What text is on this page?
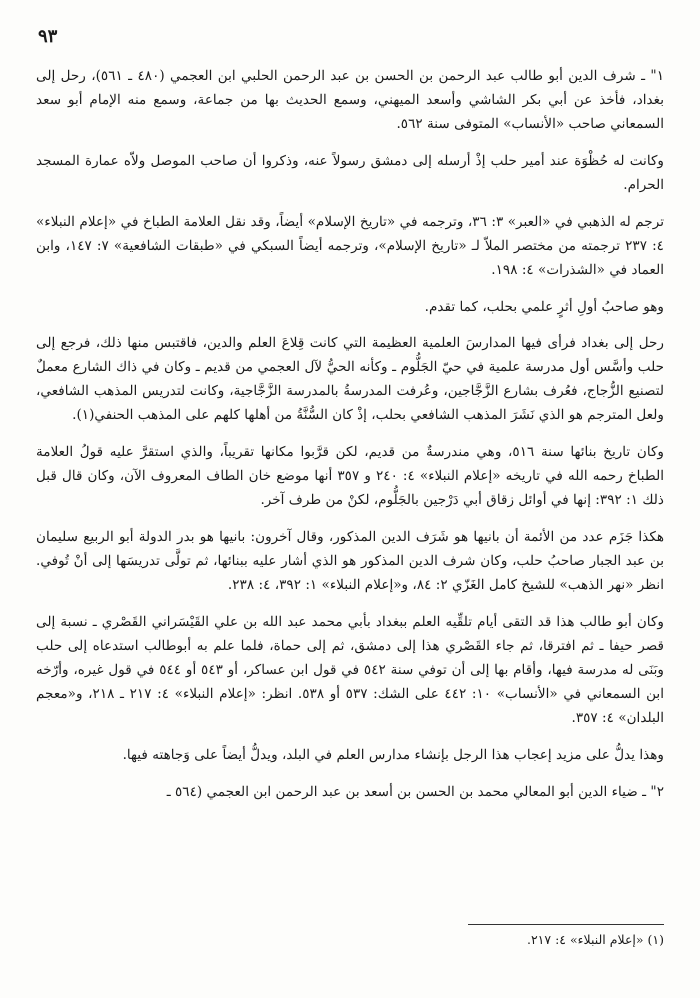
٩٣

١" ـ شرف الدين أبو طالب عبد الرحمن بن الحسن بن عبد الرحمن الحلبي ابن العجمي (٤٨٠ ـ ٥٦١)، رحل إلى بغداد، فأخذ عن أبي بكر الشاشي وأسعد الميهني، وسمع الحديث بها من جماعة، وسمع منه الإمام أبو سعد السمعاني صاحب «الأنساب» المتوفى سنة ٥٦٢.

وكانت له حُظْوَة عند أمير حلب إذْ أرسله إلى دمشق رسولاً عنه، وذكروا أن صاحب الموصل ولاّه عمارة المسجد الحرام.

ترجم له الذهبي في «العبر» ٣: ٣٦، وترجمه في «تاريخ الإسلام» أيضاً، وقد نقل العلامة الطباخ في «إعلام النبلاء» ٤: ٢٣٧ ترجمته من مختصر الملاّ لـ «تاريخ الإسلام»، وترجمه أيضاً السبكي في «طبقات الشافعية» ٧: ١٤٧، وابن العماد في «الشذرات» ٤: ١٩٨.

وهو صاحبُ أولِ أثرٍ علمي بحلب، كما تقدم.

رحل إلى بغداد فرأى فيها المدارسَ العلمية العظيمة التي كانت قِلاعَ العلم والدين، فاقتبس منها ذلك، فرجع إلى حلب وأسَّس أول مدرسة علمية في حيّ الجَلُّوم ـ وكأنه الحيُّ لآل العجمي من قديم ـ وكان في ذاك الشارع معملٌ لتصنيع الزُّجاج، فعُرف بشارع الزَّجَّاجين، وعُرفت المدرسةُ بالمدرسة الزَّجَّاجية، وكانت لتدريس المذهب الشافعي، ولعل المترجم هو الذي نَشَرَ المذهب الشافعي بحلب، إذْ كان السُّنَّةُ من أهلها كلهم على المذهب الحنفي(١).

وكان تاريخ بنائها سنة ٥١٦، وهي مندرسةٌ من قديم، لكن قرَّبوا مكانها تقريباً، والذي استقرَّ عليه قولُ العلامة الطباخ رحمه الله في تاريخه «إعلام النبلاء» ٤: ٢٤٠ و ٣٥٧ أنها موضع خان الطاف المعروف الآن، وكان قال قبل ذلك ١: ٣٩٢: إنها في أوائل زقاق أبي دَرْجين بالجَلُّوم، لكنْ من طرف آخر.

هكذا جَزَم عدد من الأئمة أن بانيها هو شَرَف الدين المذكور، وقال آخرون: بانيها هو بدر الدولة أبو الربيع سليمان بن عبد الجبار صاحبُ حلب، وكان شرف الدين المذكور هو الذي أشار عليه ببنائها، ثم تولَّى تدريسَها إلى أنْ تُوفي. انظر «نهر الذهب» للشيخ كامل الغَزّي ٢: ٨٤، و«إعلام النبلاء» ١: ٣٩٢، ٤: ٢٣٨.

وكان أبو طالب هذا قد التقى أيام تلقِّيه العلم ببغداد بأبي محمد عبد الله بن علي القَيْسَراني القَصْري ـ نسبة إلى قصر حيفا ـ ثم افترقا، ثم جاء القَصْري هذا إلى دمشق، ثم إلى حماة، فلما علم به أبوطالب استدعاه إلى حلب وبَنَى له مدرسة فيها، وأقام بها إلى أن توفي سنة ٥٤٢ في قول ابن عساكر، أو ٥٤٣ أو ٥٤٤ في قول غيره، وأرّخه ابن السمعاني في «الأنساب» ١٠: ٤٤٢ على الشك: ٥٣٧ أو ٥٣٨. انظر: «إعلام النبلاء» ٤: ٢١٧ ـ ٢١٨، و«معجم البلدان» ٤: ٣٥٧.

وهذا يدلُّ على مزيد إعجاب هذا الرجل بإنشاء مدارس العلم في البلد، ويدلُّ أيضاً على وَجاهته فيها.

٢" ـ ضياء الدين أبو المعالي محمد بن الحسن بن أسعد بن عبد الرحمن ابن العجمي (٥٦٤ ـ

(١) «إعلام النبلاء» ٤: ٢١٧.
